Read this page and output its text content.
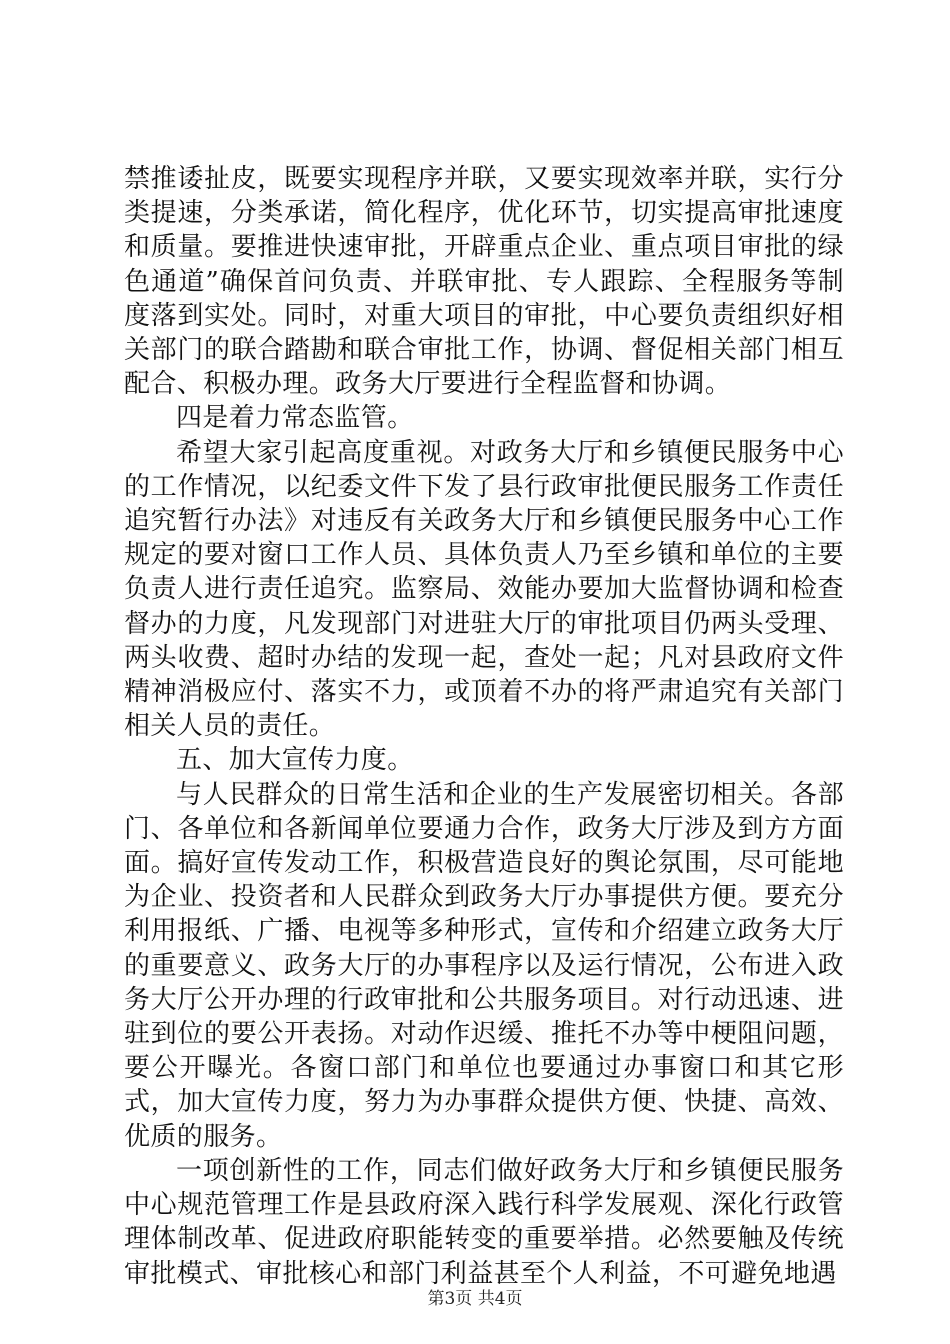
禁推诿扯皮，既要实现程序并联，又要实现效率并联，实行分类提速，分类承诺，简化程序，优化环节，切实提高审批速度和质量。要推进快速审批，开辟重点企业、重点项目审批的绿色通道”确保首问负责、并联审批、专人跟踪、全程服务等制度落到实处。同时，对重大项目的审批，中心要负责组织好相关部门的联合踏勘和联合审批工作，协调、督促相关部门相互配合、积极办理。政务大厅要进行全程监督和协调。

四是着力常态监管。

希望大家引起高度重视。对政务大厅和乡镇便民服务中心的工作情况，以纪委文件下发了县行政审批便民服务工作责任追究暂行办法》对违反有关政务大厅和乡镇便民服务中心工作规定的要对窗口工作人员、具体负责人乃至乡镇和单位的主要负责人进行责任追究。监察局、效能办要加大监督协调和检查督办的力度，凡发现部门对进驻大厅的审批项目仍两头受理、两头收费、超时办结的发现一起，查处一起；凡对县政府文件精神消极应付、落实不力，或顶着不办的将严肃追究有关部门相关人员的责任。

五、加大宣传力度。

与人民群众的日常生活和企业的生产发展密切相关。各部门、各单位和各新闻单位要通力合作，政务大厅涉及到方方面面。搞好宣传发动工作，积极营造良好的舆论氛围，尽可能地为企业、投资者和人民群众到政务大厅办事提供方便。要充分利用报纸、广播、电视等多种形式，宣传和介绍建立政务大厅的重要意义、政务大厅的办事程序以及运行情况，公布进入政务大厅公开办理的行政审批和公共服务项目。对行动迅速、进驻到位的要公开表扬。对动作迟缓、推托不办等中梗阻问题，要公开曝光。各窗口部门和单位也要通过办事窗口和其它形式，加大宣传力度，努力为办事群众提供方便、快捷、高效、优质的服务。

一项创新性的工作，同志们做好政务大厅和乡镇便民服务中心规范管理工作是县政府深入践行科学发展观、深化行政管理体制改革、促进政府职能转变的重要举措。必然要触及传统审批模式、审批核心和部门利益甚至个人利益，不可避免地遇

第3页 共4页
